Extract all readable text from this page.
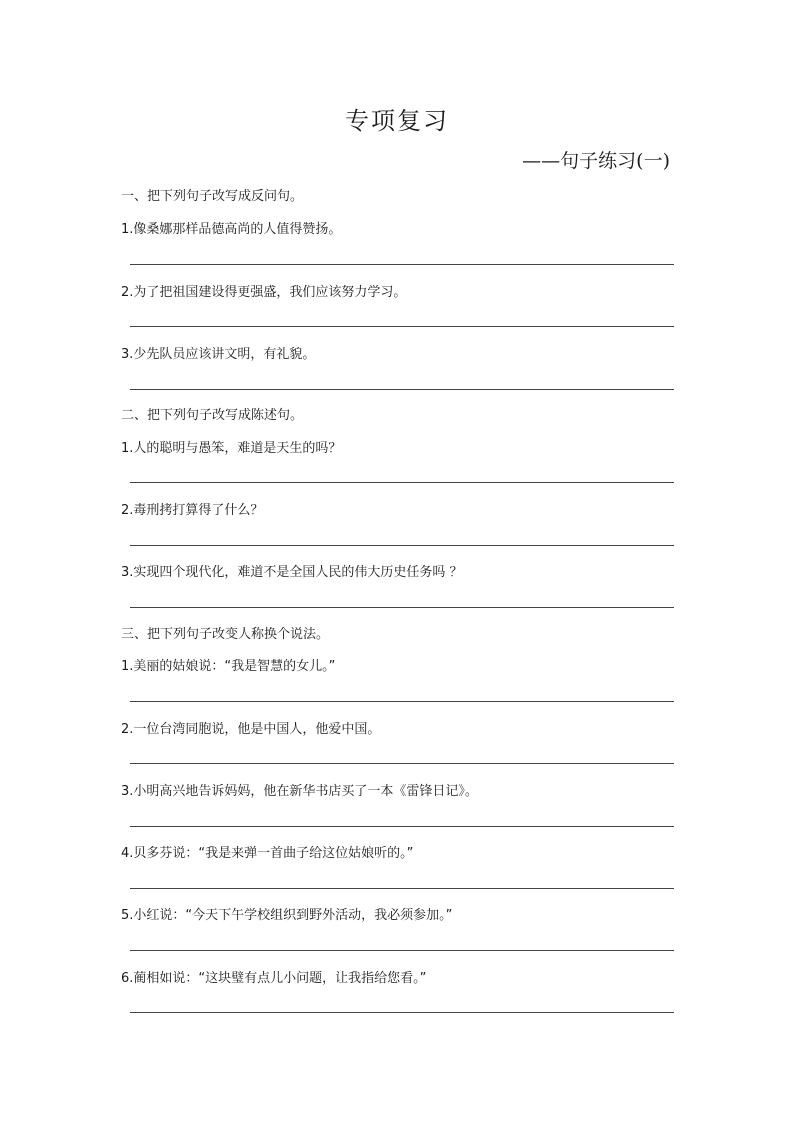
专项复习
——句子练习(一)
一、把下列句子改写成反问句。
1.像桑娜那样品德高尚的人值得赞扬。
2.为了把祖国建设得更强盛，我们应该努力学习。
3.少先队员应该讲文明，有礼貌。
二、把下列句子改写成陈述句。
1.人的聪明与愚笨，难道是天生的吗？
2.毒刑拷打算得了什么？
3.实现四个现代化，难道不是全国人民的伟大历史任务吗 ？
三、把下列句子改变人称换个说法。
1.美丽的姑娘说：“我是智慧的女儿。”
2.一位台湾同胞说，他是中国人，他爱中国。
3.小明高兴地告诉妈妈，他在新华书店买了一本《雷锋日记》。
4.贝多芬说：“我是来弹一首曲子给这位姑娘听的。”
5.小红说：“今天下午学校组织到野外活动，我必须参加。”
6.蔺相如说：“这块璧有点儿小问题，让我指给您看。”
